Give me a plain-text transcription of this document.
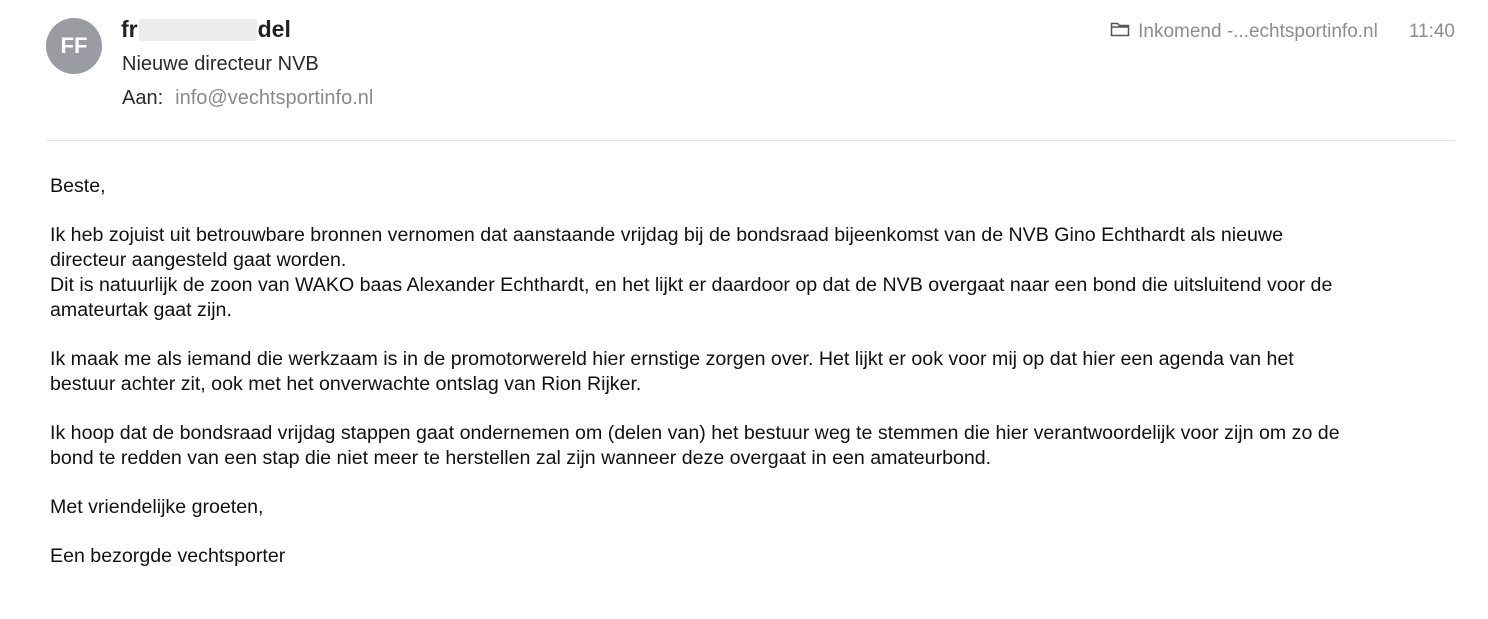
FF
fr	del
Nieuwe directeur NVB
Aan: info@vechtsportinfo.nl
Inkomend -...echtsportinfo.nl 11:40

Beste,

Ik heb zojuist uit betrouwbare bronnen vernomen dat aanstaande vrijdag bij de bondsraad bijeenkomst van de NVB Gino Echthardt als nieuwe
directeur aangesteld gaat worden.
Dit is natuurlijk de zoon van WAKO baas Alexander Echthardt, en het lijkt er daardoor op dat de NVB overgaat naar een bond die uitsluitend voor de
amateurtak gaat zijn.

Ik maak me als iemand die werkzaam is in de promotorwereld hier ernstige zorgen over. Het lijkt er ook voor mij op dat hier een agenda van het
bestuur achter zit, ook met het onverwachte ontslag van Rion Rijker.

Ik hoop dat de bondsraad vrijdag stappen gaat ondernemen om (delen van) het bestuur weg te stemmen die hier verantwoordelijk voor zijn om zo de
bond te redden van een stap die niet meer te herstellen zal zijn wanneer deze overgaat in een amateurbond.

Met vriendelijke groeten,

Een bezorgde vechtsporter
